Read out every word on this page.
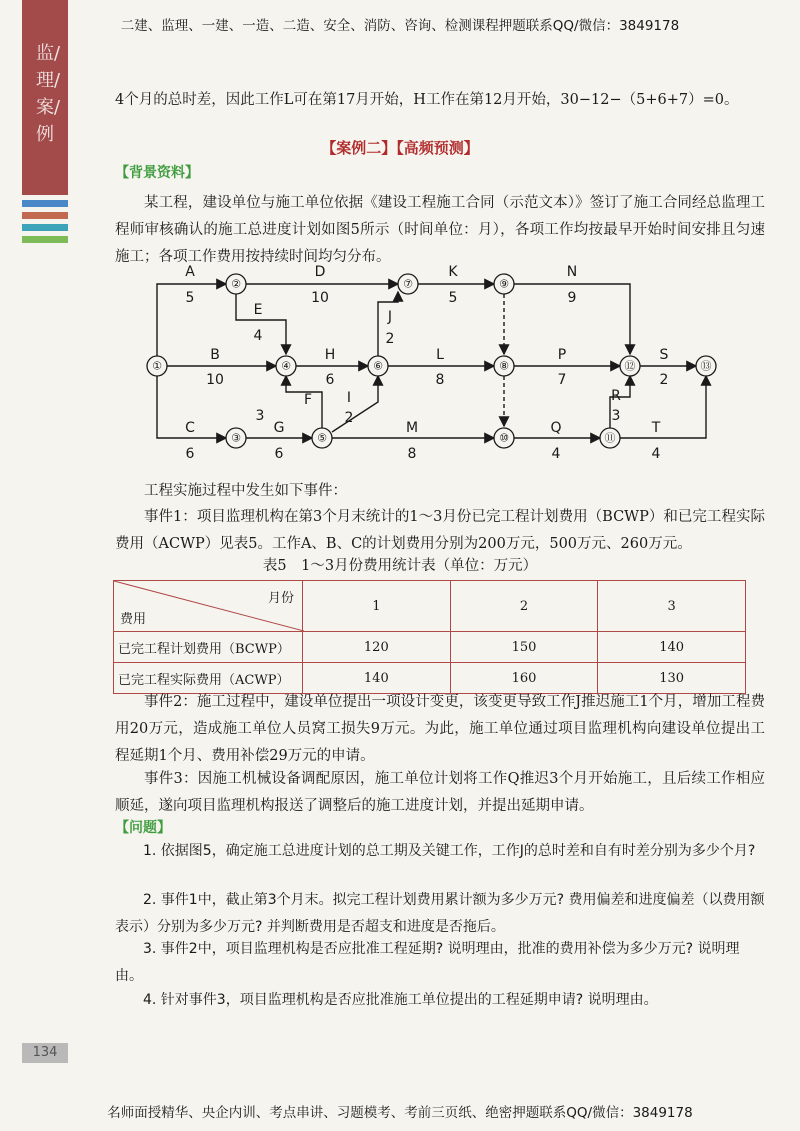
二建、监理、一建、一造、二造、安全、消防、咨询、检测课程押题联系QQ/微信：3849178
名师面授精华、央企内训、考点串讲、习题模考、考前三页纸、绝密押题联系QQ/微信：3849178
监/理/案/例
4个月的总时差，因此工作L可在第17月开始，H工作在第12月开始，30−12−（5+6+7）=0。
【案例二】【高频预测】
【背景资料】
某工程，建设单位与施工单位依据《建设工程施工合同（示范文本）》签订了施工合同经总监理工程师审核确认的施工总进度计划如图5所示（时间单位：月），各项工作均按最早开始时间安排且匀速施工；各项工作费用按持续时间均匀分布。
①
②
③
④
⑤
⑥
⑦
⑧
⑨
⑩	⑪
⑫	⑬
A
5
D
10
K
5
N
9
E
4
J
2
B
10
H
6
L
8
P
7
S
2
F
3
I
2
R
3
C
6
G
6
M
8
Q
4
T
4
工程实施过程中发生如下事件：
事件1：项目监理机构在第3个月末统计的1～3月份已完工程计划费用（BCWP）和已完工程实际费用（ACWP）见表5。工作A、B、C的计划费用分别为200万元，500万元、260万元。
表5　1～3月份费用统计表（单位：万元）
月份
费用	1	2	3
已完工程计划费用（BCWP）	120	150	140
已完工程实际费用（ACWP）	140	160	130
事件2：施工过程中，建设单位提出一项设计变更，该变更导致工作J推迟施工1个月，增加工程费用20万元，造成施工单位人员窝工损失9万元。为此，施工单位通过项目监理机构向建设单位提出工程延期1个月、费用补偿29万元的申请。
事件3：因施工机械设备调配原因，施工单位计划将工作Q推迟3个月开始施工，且后续工作相应顺延，遂向项目监理机构报送了调整后的施工进度计划，并提出延期申请。
【问题】
1. 依据图5，确定施工总进度计划的总工期及关键工作，工作J的总时差和自有时差分别为多少个月?
2. 事件1中，截止第3个月末。拟完工程计划费用累计额为多少万元? 费用偏差和进度偏差（以费用额表示）分别为多少万元? 并判断费用是否超支和进度是否拖后。
3. 事件2中，项目监理机构是否应批准工程延期? 说明理由，批准的费用补偿为多少万元? 说明理由。
4. 针对事件3，项目监理机构是否应批准施工单位提出的工程延期申请? 说明理由。
134
